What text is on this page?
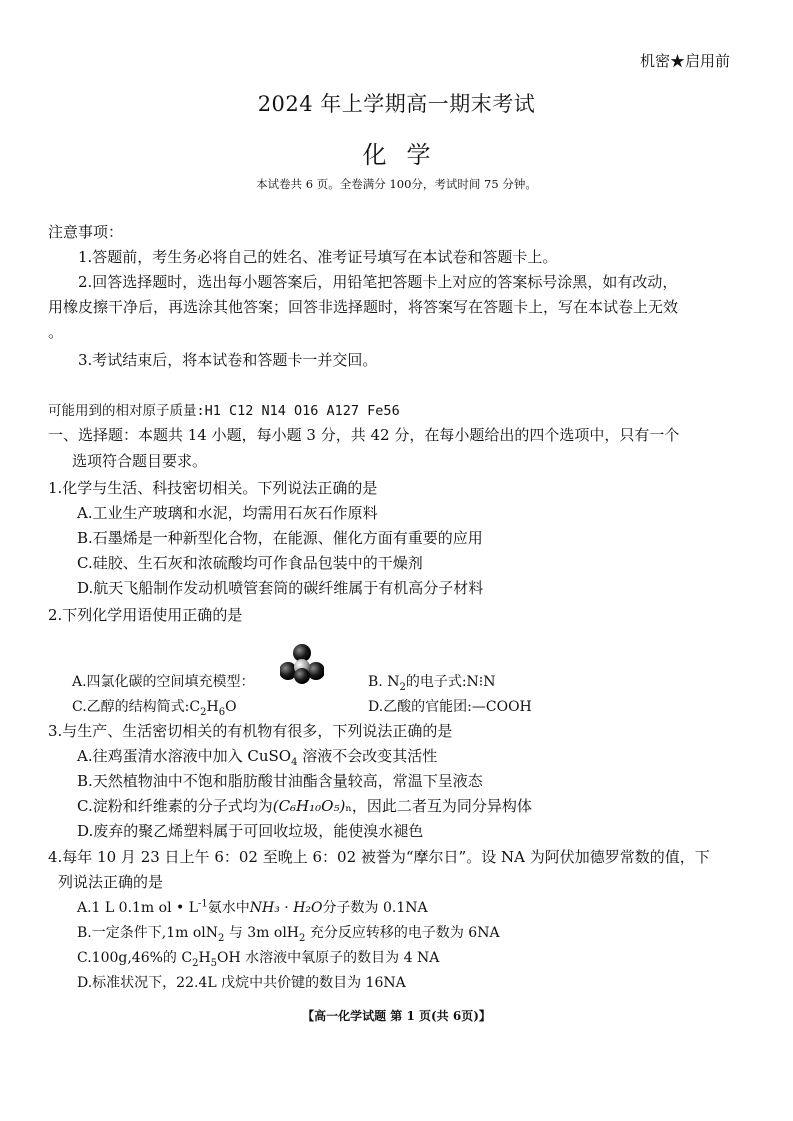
机密★启用前
2024 年上学期高一期末考试
化学
本试卷共 6 页。全卷满分 100分，考试时间 75 分钟。
注意事项：
1.答题前，考生务必将自己的姓名、准考证号填写在本试卷和答题卡上。
2.回答选择题时，选出每小题答案后，用铅笔把答题卡上对应的答案标号涂黑，如有改动，
用橡皮擦干净后，再选涂其他答案；回答非选择题时，将答案写在答题卡上，写在本试卷上无效
。
3.考试结束后，将本试卷和答题卡一并交回。
可能用到的相对原子质量:H1 C12 N14 O16 A127 Fe56
一、选择题：本题共 14 小题，每小题 3 分，共 42 分，在每小题给出的四个选项中，只有一个
选项符合题目要求。
1.化学与生活、科技密切相关。下列说法正确的是
A.工业生产玻璃和水泥，均需用石灰石作原料
B.石墨烯是一种新型化合物，在能源、催化方面有重要的应用
C.硅胶、生石灰和浓硫酸均可作食品包装中的干燥剂
D.航天飞船制作发动机喷管套筒的碳纤维属于有机高分子材料
2.下列化学用语使用正确的是
A.四氯化碳的空间填充模型：	B. $N_2$的电子式:N⁝N
C.乙醇的结构简式$:C_2H_6O$	D.乙酸的官能团:—COOH
3.与生产、生活密切相关的有机物有很多，下列说法正确的是
A.往鸡蛋清水溶液中加入 CuSO$_4$ 溶液不会改变其活性
B.天然植物油中不饱和脂肪酸甘油酯含量较高，常温下呈液态
C.淀粉和纤维素的分子式均为(C₆H₁₀O₅)ₙ，因此二者互为同分异构体
D.废弃的聚乙烯塑料属于可回收垃圾，能使溴水褪色
4.每年 10 月 23 日上午 6：02 至晚上 6：02 被誉为“摩尔日”。设 NA 为阿伏加德罗常数的值，下
列说法正确的是
A.1 L 0.1m ol • $L^{-1}$氨水中NH₃ · H₂O分子数为 0.1NA
B.一定条件下,1m olN$_2$ 与 3m olH$_2$ 充分反应转移的电子数为 6NA
C.100g,46%的 $C_2H_5OH$ 水溶液中氧原子的数目为 4 NA
D.标准状况下，22.4L 戊烷中共价键的数目为 16NA
【高一化学试题 第 1 页(共 6页)】
